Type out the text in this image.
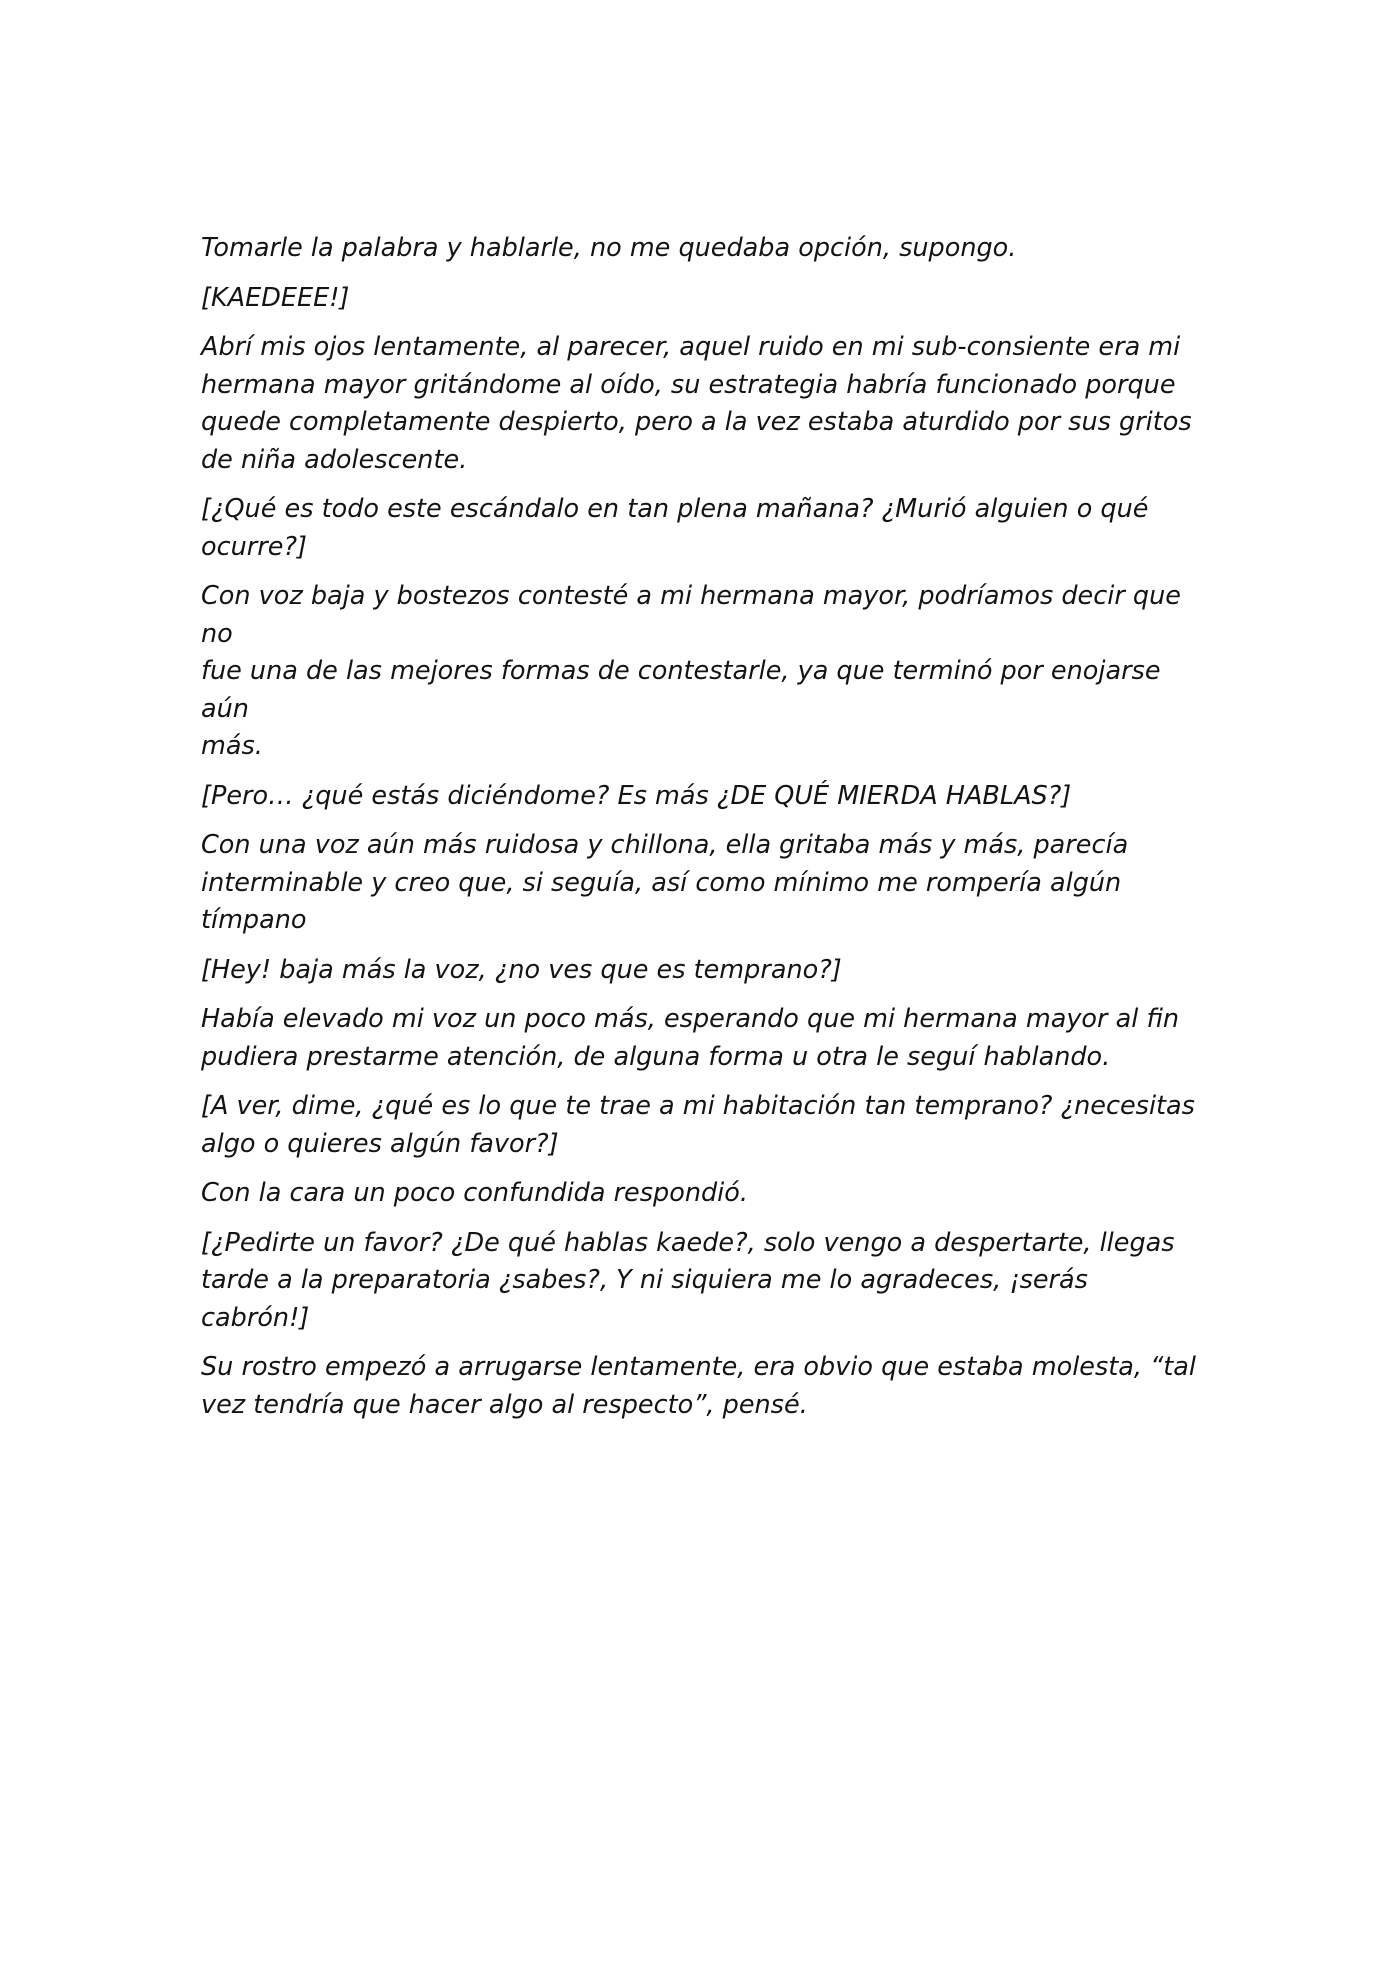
Tomarle la palabra y hablarle, no me quedaba opción, supongo.

[KAEDEEE!]

Abrí mis ojos lentamente, al parecer, aquel ruido en mi sub-consiente era mi
hermana mayor gritándome al oído, su estrategia habría funcionado porque
quede completamente despierto, pero a la vez estaba aturdido por sus gritos
de niña adolescente.

[¿Qué es todo este escándalo en tan plena mañana? ¿Murió alguien o qué
ocurre?]

Con voz baja y bostezos contesté a mi hermana mayor, podríamos decir que no
fue una de las mejores formas de contestarle, ya que terminó por enojarse aún
más.

[Pero… ¿qué estás diciéndome? Es más ¿DE QUÉ MIERDA HABLAS?]

Con una voz aún más ruidosa y chillona, ella gritaba más y más, parecía
interminable y creo que, si seguía, así como mínimo me rompería algún tímpano

[Hey! baja más la voz, ¿no ves que es temprano?]

Había elevado mi voz un poco más, esperando que mi hermana mayor al fin
pudiera prestarme atención, de alguna forma u otra le seguí hablando.

[A ver, dime, ¿qué es lo que te trae a mi habitación tan temprano? ¿necesitas
algo o quieres algún favor?]

Con la cara un poco confundida respondió.

[¿Pedirte un favor? ¿De qué hablas kaede?, solo vengo a despertarte, llegas
tarde a la preparatoria ¿sabes?, Y ni siquiera me lo agradeces, ¡serás cabrón!]

Su rostro empezó a arrugarse lentamente, era obvio que estaba molesta, “tal
vez tendría que hacer algo al respecto”, pensé.
